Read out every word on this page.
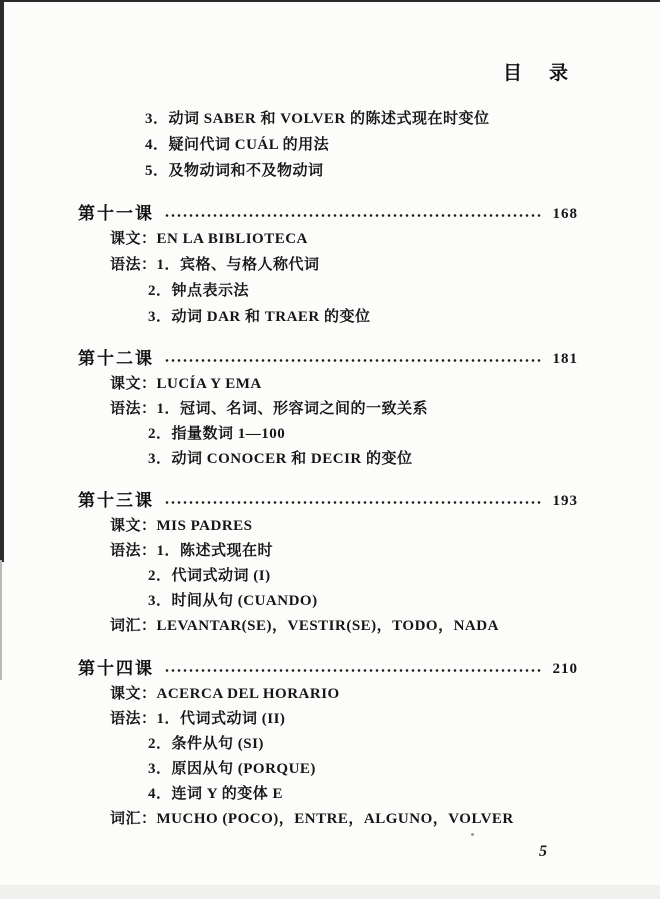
目　录
3．动词 SABER 和 VOLVER 的陈述式现在时变位
4．疑问代词 CUÁL 的用法
5．及物动词和不及物动词
第十一课	168
课文：EN LA BIBLIOTECA
语法：1．宾格、与格人称代词
2．钟点表示法
3．动词 DAR 和 TRAER 的变位
第十二课	181
课文：LUCÍA Y EMA
语法：1．冠词、名词、形容词之间的一致关系
2．指量数词 1—100
3．动词 CONOCER 和 DECIR 的变位
第十三课	193
课文：MIS PADRES
语法：1．陈述式现在时
2．代词式动词 (I)
3．时间从句 (CUANDO)
词汇：LEVANTAR(SE)，VESTIR(SE)，TODO，NADA
第十四课	210
课文：ACERCA DEL HORARIO
语法：1．代词式动词 (II)
2．条件从句 (SI)
3．原因从句 (PORQUE)
4．连词 Y 的变体 E
词汇：MUCHO (POCO)，ENTRE，ALGUNO，VOLVER
5
